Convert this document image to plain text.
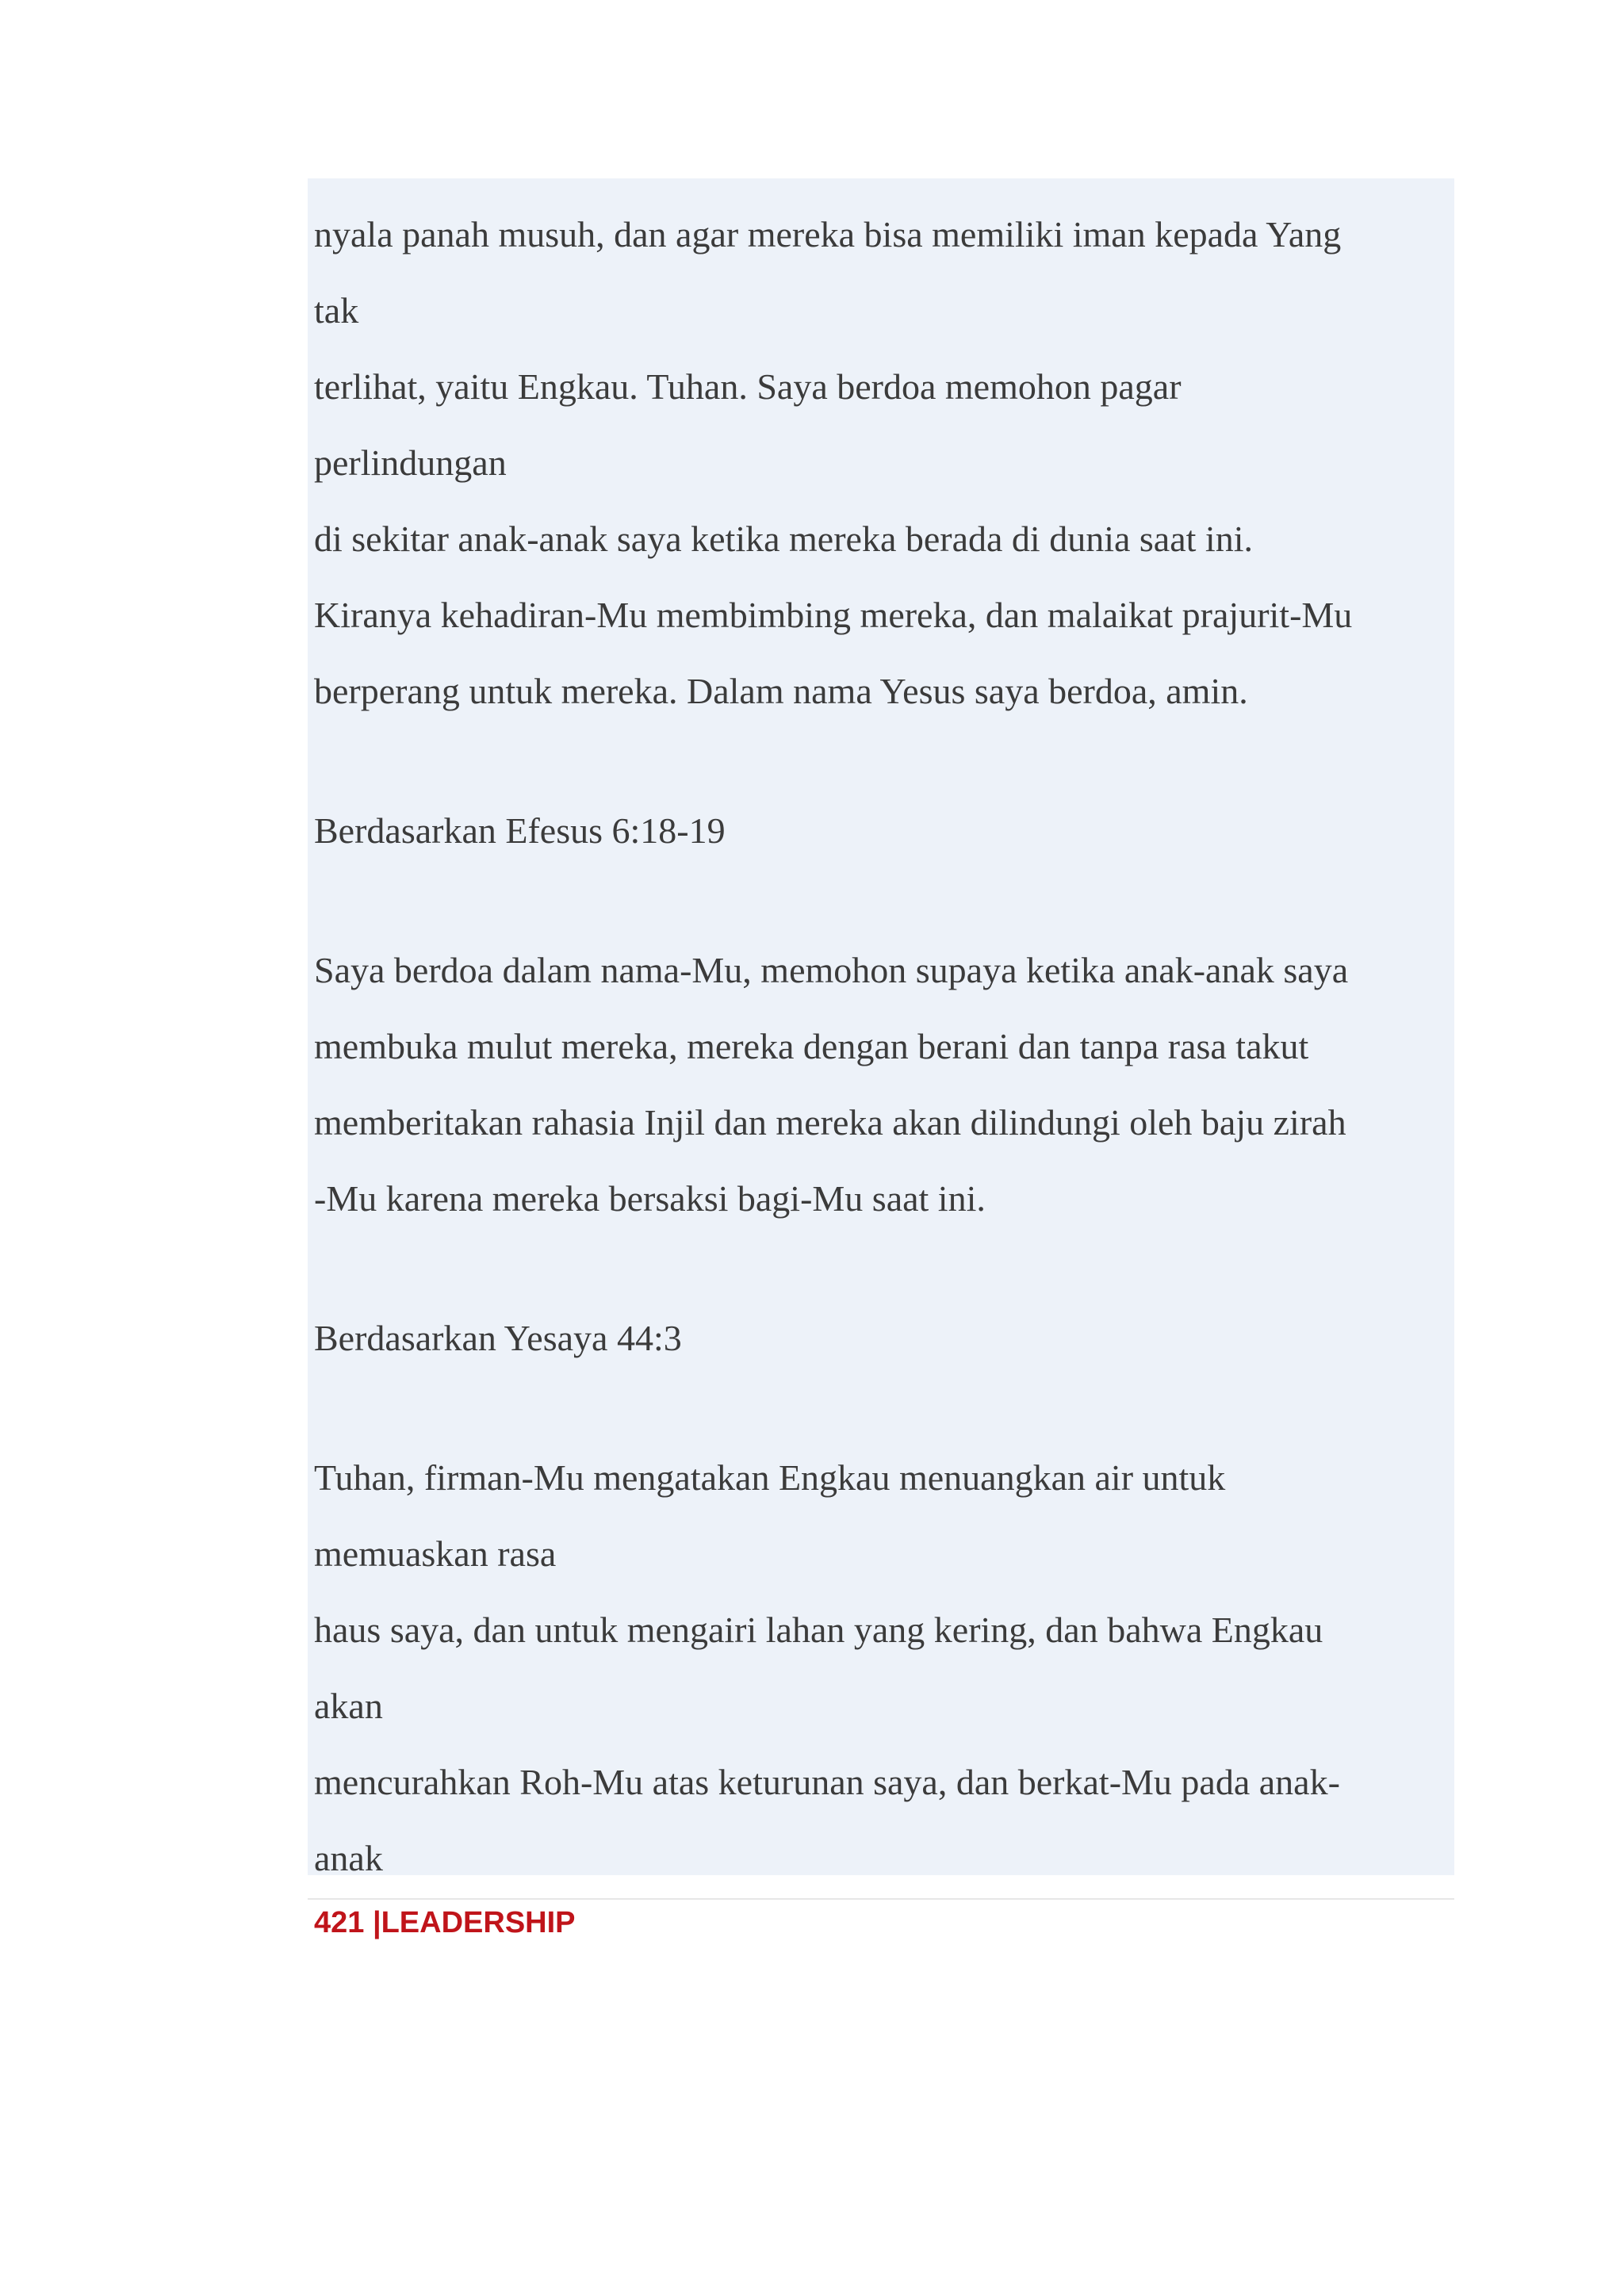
nyala panah musuh, dan agar mereka bisa memiliki iman kepada Yang
tak
terlihat, yaitu Engkau. Tuhan. Saya berdoa memohon pagar
perlindungan
di sekitar anak-anak saya ketika mereka berada di dunia saat ini.
Kiranya kehadiran-Mu membimbing mereka, dan malaikat prajurit-Mu
berperang untuk mereka. Dalam nama Yesus saya berdoa, amin.
Berdasarkan Efesus 6:18-19
Saya berdoa dalam nama-Mu, memohon supaya ketika anak-anak saya
membuka mulut mereka, mereka dengan berani dan tanpa rasa takut
memberitakan rahasia Injil dan mereka akan dilindungi oleh baju zirah
-Mu karena mereka bersaksi bagi-Mu saat ini.
Berdasarkan Yesaya 44:3
Tuhan, firman-Mu mengatakan Engkau menuangkan air untuk
memuaskan rasa
haus saya, dan untuk mengairi lahan yang kering, dan bahwa Engkau
akan
mencurahkan Roh-Mu atas keturunan saya, dan berkat-Mu pada anak-
anak
421 |LEADERSHIP
